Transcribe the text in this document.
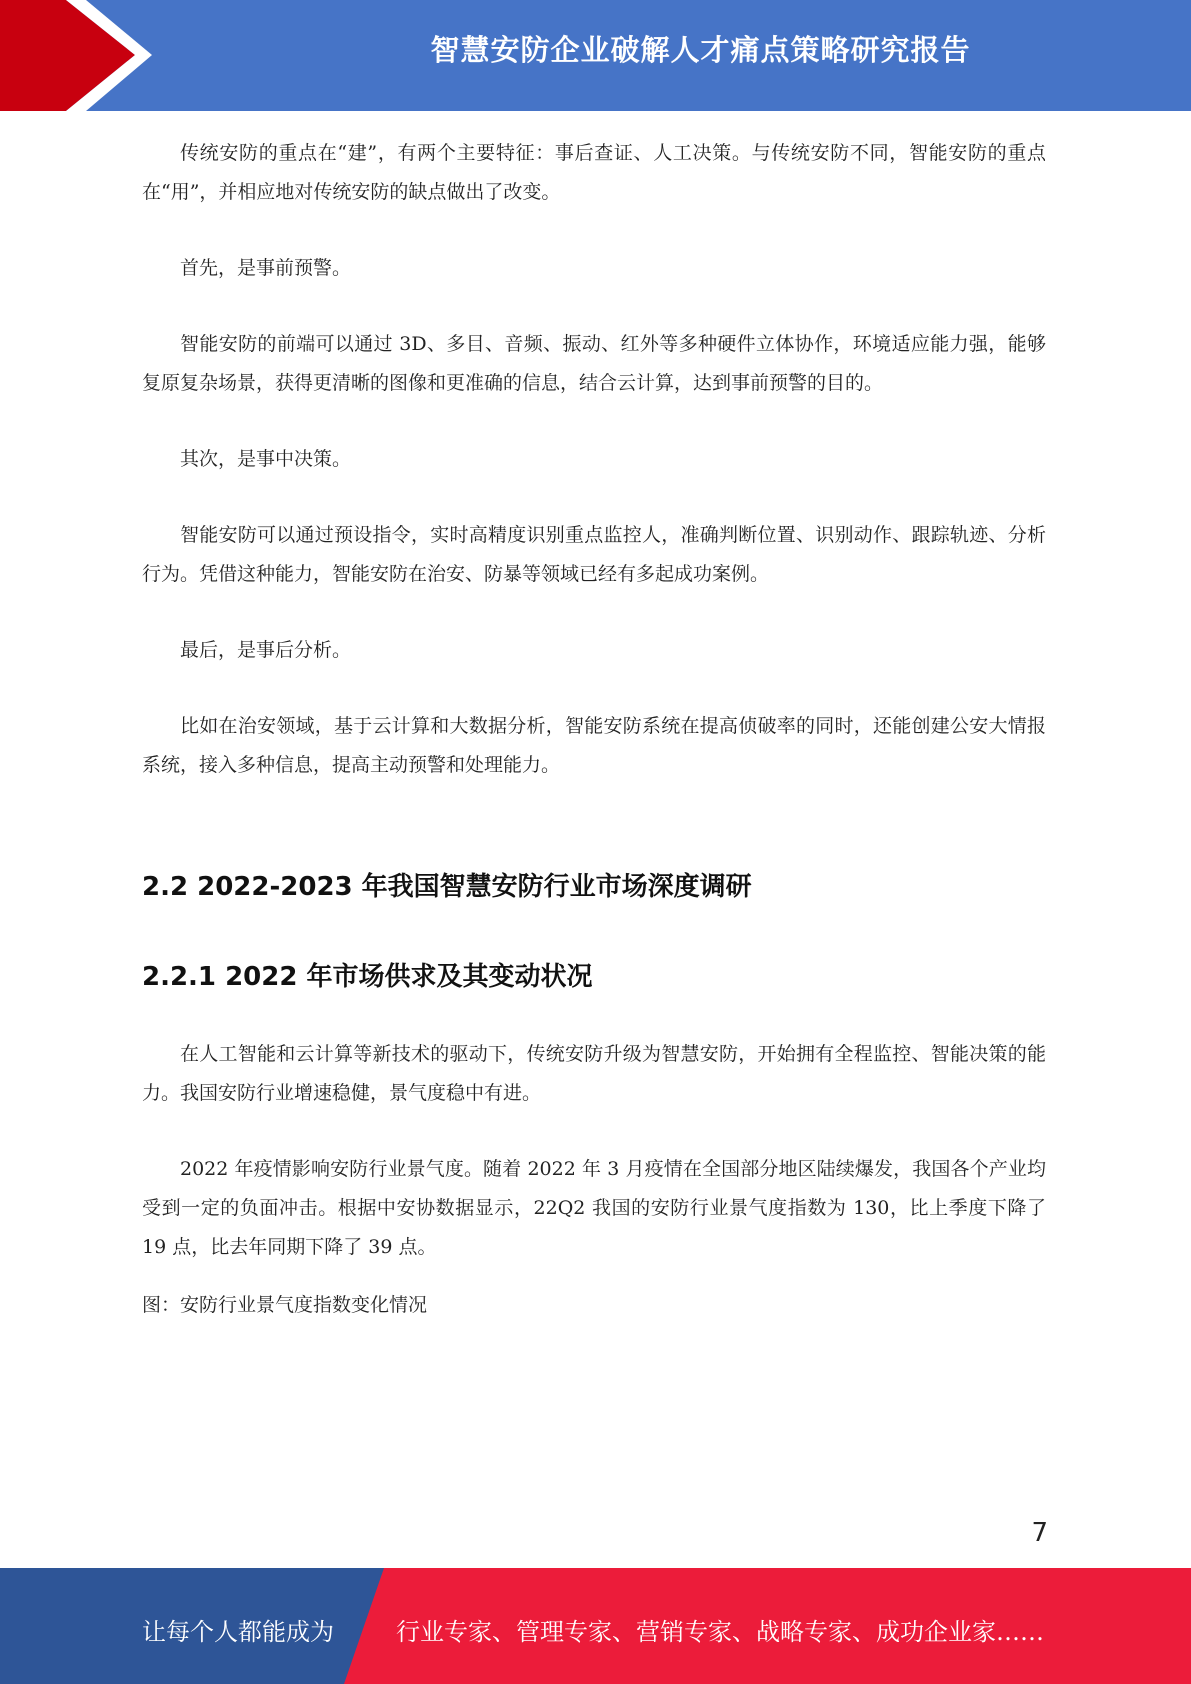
智慧安防企业破解人才痛点策略研究报告

传统安防的重点在“建”，有两个主要特征：事后查证、人工决策。与传统安防不同，智能安防的重点在“用”，并相应地对传统安防的缺点做出了改变。

首先，是事前预警。

智能安防的前端可以通过 3D、多目、音频、振动、红外等多种硬件立体协作，环境适应能力强，能够复原复杂场景，获得更清晰的图像和更准确的信息，结合云计算，达到事前预警的目的。

其次，是事中决策。

智能安防可以通过预设指令，实时高精度识别重点监控人，准确判断位置、识别动作、跟踪轨迹、分析行为。凭借这种能力，智能安防在治安、防暴等领域已经有多起成功案例。

最后，是事后分析。

比如在治安领域，基于云计算和大数据分析，智能安防系统在提高侦破率的同时，还能创建公安大情报系统，接入多种信息，提高主动预警和处理能力。

2.2 2022-2023 年我国智慧安防行业市场深度调研
2.2.1 2022 年市场供求及其变动状况

在人工智能和云计算等新技术的驱动下，传统安防升级为智慧安防，开始拥有全程监控、智能决策的能力。我国安防行业增速稳健，景气度稳中有进。

2022 年疫情影响安防行业景气度。随着 2022 年 3 月疫情在全国部分地区陆续爆发，我国各个产业均受到一定的负面冲击。根据中安协数据显示，22Q2 我国的安防行业景气度指数为 130，比上季度下降了 19 点，比去年同期下降了 39 点。

图：安防行业景气度指数变化情况
7
让每个人都能成为	行业专家、管理专家、营销专家、战略专家、成功企业家……
